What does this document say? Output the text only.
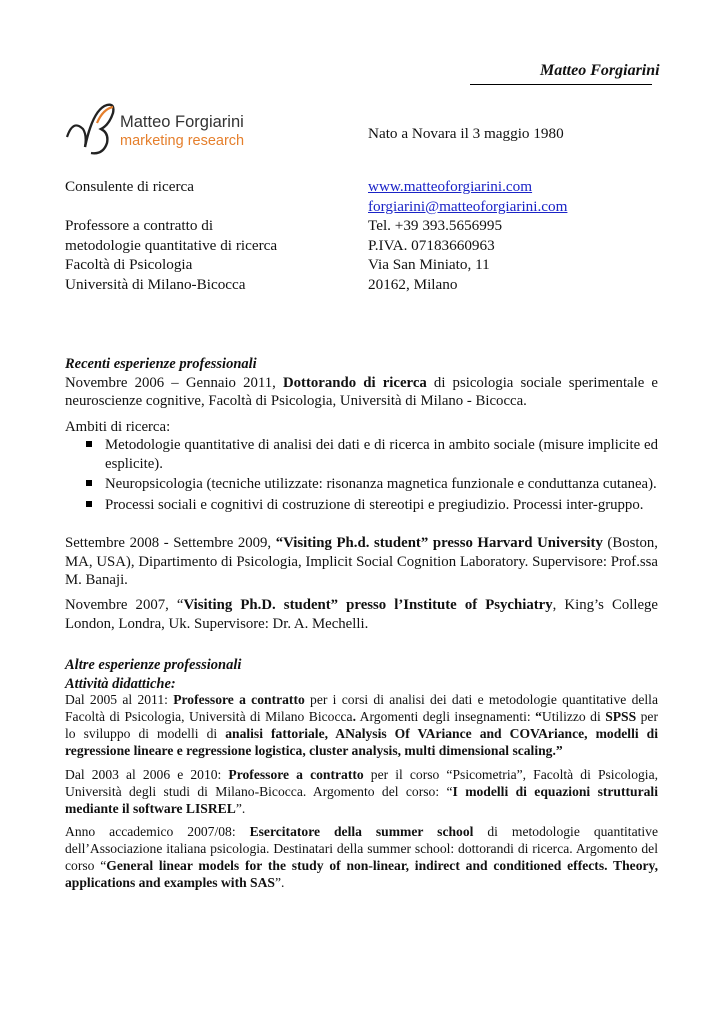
Matteo Forgiarini
Matteo Forgiarini
marketing research	Nato a Novara il 3 maggio 1980
www.matteoforgiarini.com
forgiarini@matteoforgiarini.com
Tel. +39 393.5656995
P.IVA. 07183660963
Via San Miniato, 11
20162, Milano
Consulente di ricerca
Professore a contratto di
metodologie quantitative di ricerca
Facoltà di Psicologia
Università di Milano-Bicocca

Recenti esperienze professionali

Novembre 2006 – Gennaio 2011, Dottorando di ricerca di psicologia sociale sperimentale e neuroscienze cognitive, Facoltà di Psicologia, Università di Milano - Bicocca.

Ambiti di ricerca:
Metodologie quantitative di analisi dei dati e di ricerca in ambito sociale (misure implicite ed esplicite).
Neuropsicologia (tecniche utilizzate: risonanza magnetica funzionale e conduttanza cutanea).
Processi sociali e cognitivi di costruzione di stereotipi e pregiudizio. Processi inter-gruppo.
Settembre 2008 - Settembre 2009, “Visiting Ph.d. student” presso Harvard University (Boston, MA, USA), Dipartimento di Psicologia, Implicit Social Cognition Laboratory. Supervisore: Prof.ssa M. Banaji.
Novembre 2007, “Visiting Ph.D. student” presso l’Institute of Psychiatry, King’s College London, Londra, Uk. Supervisore: Dr. A. Mechelli.

Altre esperienze professionali

Attività didattiche:

Dal 2005 al 2011: Professore a contratto per i corsi di analisi dei dati e metodologie quantitative della Facoltà di Psicologia, Università di Milano Bicocca. Argomenti degli insegnamenti: “Utilizzo di SPSS per lo sviluppo di modelli di analisi fattoriale, ANalysis Of VAriance and COVAriance, modelli di regressione lineare e regressione logistica, cluster analysis, multi dimensional scaling.”
Dal 2003 al 2006 e 2010: Professore a contratto per il corso “Psicometria”, Facoltà di Psicologia, Università degli studi di Milano-Bicocca. Argomento del corso: “I modelli di equazioni strutturali mediante il software LISREL”.
Anno accademico 2007/08: Esercitatore della summer school di metodologie quantitative dell’Associazione italiana psicologia. Destinatari della summer school: dottorandi di ricerca. Argomento del corso “General linear models for the study of non-linear, indirect and conditioned effects. Theory, applications and examples with SAS”.
